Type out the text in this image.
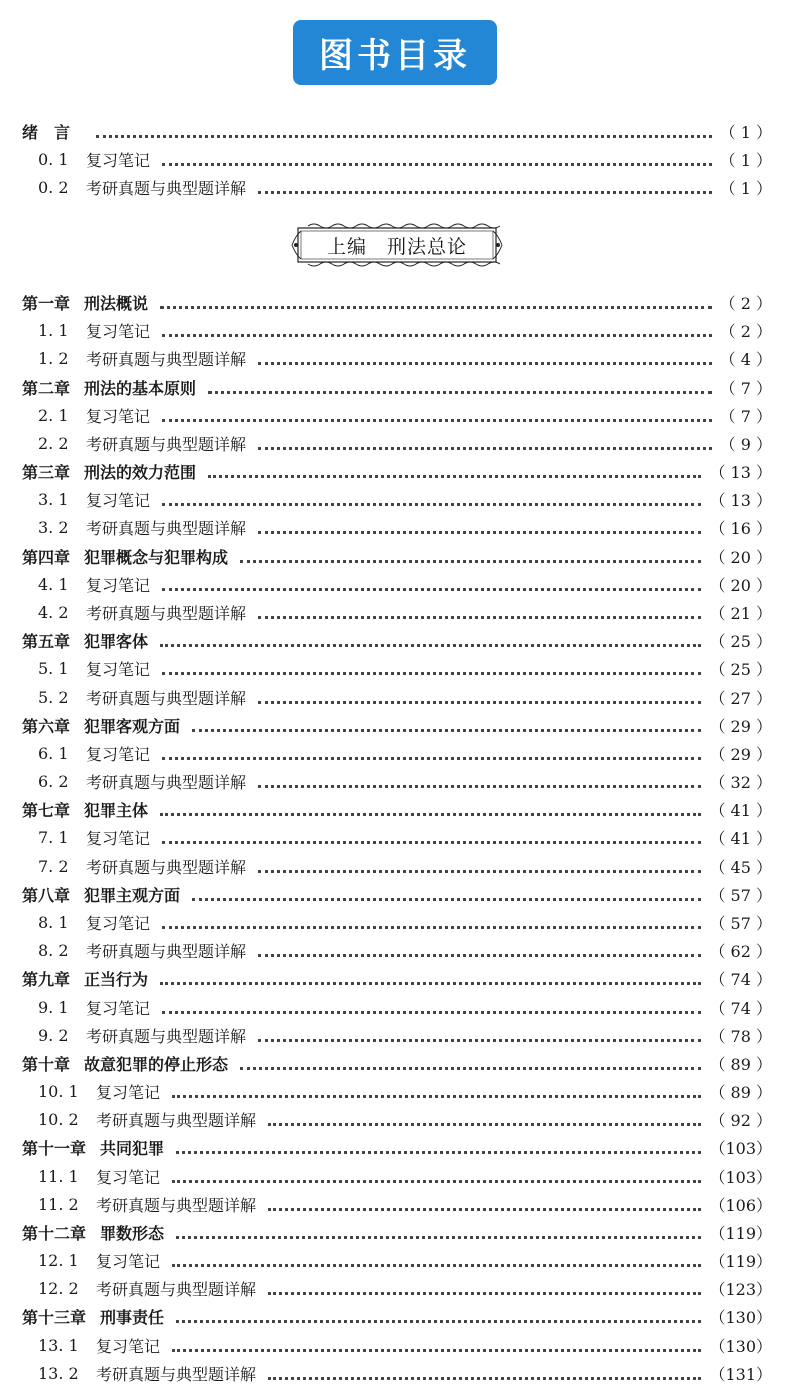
图书目录
绪　言	（ 1 ）
0. 1	复习笔记	（ 1 ）
0. 2	考研真题与典型题详解	（ 1 ）
第一章 刑法概说	（ 2 ）
1. 1	复习笔记	（ 2 ）
1. 2	考研真题与典型题详解	（ 4 ）
第二章 刑法的基本原则	（ 7 ）
2. 1	复习笔记	（ 7 ）
2. 2	考研真题与典型题详解	（ 9 ）
第三章 刑法的效力范围	（ 13 ）
3. 1	复习笔记	（ 13 ）
3. 2	考研真题与典型题详解	（ 16 ）
第四章 犯罪概念与犯罪构成	（ 20 ）
4. 1	复习笔记	（ 20 ）
4. 2	考研真题与典型题详解	（ 21 ）
第五章 犯罪客体	（ 25 ）
5. 1	复习笔记	（ 25 ）
5. 2	考研真题与典型题详解	（ 27 ）
第六章 犯罪客观方面	（ 29 ）
6. 1	复习笔记	（ 29 ）
6. 2	考研真题与典型题详解	（ 32 ）
第七章 犯罪主体	（ 41 ）
7. 1	复习笔记	（ 41 ）
7. 2	考研真题与典型题详解	（ 45 ）
第八章 犯罪主观方面	（ 57 ）
8. 1	复习笔记	（ 57 ）
8. 2	考研真题与典型题详解	（ 62 ）
第九章 正当行为	（ 74 ）
9. 1	复习笔记	（ 74 ）
9. 2	考研真题与典型题详解	（ 78 ）
第十章 故意犯罪的停止形态	（ 89 ）
10. 1	复习笔记	（ 89 ）
10. 2	考研真题与典型题详解	（ 92 ）
第十一章 共同犯罪	（103）
11. 1	复习笔记	（103）
11. 2	考研真题与典型题详解	（106）
第十二章 罪数形态	（119）
12. 1	复习笔记	（119）
12. 2	考研真题与典型题详解	（123）
第十三章 刑事责任	（130）
13. 1	复习笔记	（130）
13. 2	考研真题与典型题详解	（131）
上编　刑法总论
